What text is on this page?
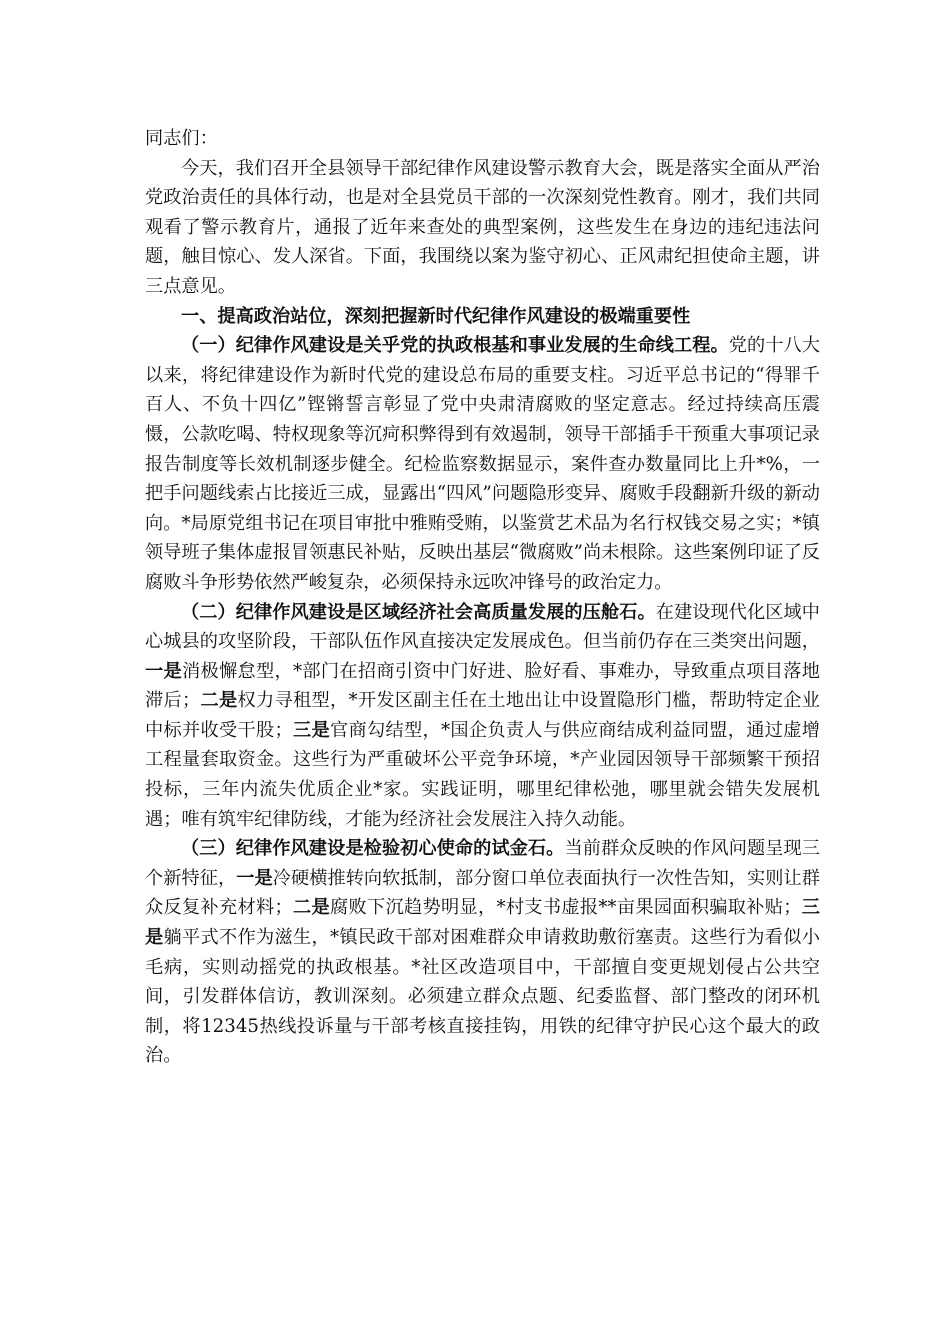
同志们：

今天，我们召开全县领导干部纪律作风建设警示教育大会，既是落实全面从严治党政治责任的具体行动，也是对全县党员干部的一次深刻党性教育。刚才，我们共同观看了警示教育片，通报了近年来查处的典型案例，这些发生在身边的违纪违法问题，触目惊心、发人深省。下面，我围绕以案为鉴守初心、正风肃纪担使命主题，讲三点意见。

一、提高政治站位，深刻把握新时代纪律作风建设的极端重要性

（一）纪律作风建设是关乎党的执政根基和事业发展的生命线工程。党的十八大以来，将纪律建设作为新时代党的建设总布局的重要支柱。习近平总书记的“得罪千百人、不负十四亿”铿锵誓言彰显了党中央肃清腐败的坚定意志。经过持续高压震慑，公款吃喝、特权现象等沉疴积弊得到有效遏制，领导干部插手干预重大事项记录报告制度等长效机制逐步健全。纪检监察数据显示，案件查办数量同比上升*%，一把手问题线索占比接近三成，显露出“四风”问题隐形变异、腐败手段翻新升级的新动向。*局原党组书记在项目审批中雅贿受贿，以鉴赏艺术品为名行权钱交易之实；*镇领导班子集体虚报冒领惠民补贴，反映出基层“微腐败”尚未根除。这些案例印证了反腐败斗争形势依然严峻复杂，必须保持永远吹冲锋号的政治定力。

（二）纪律作风建设是区域经济社会高质量发展的压舱石。在建设现代化区域中心城县的攻坚阶段，干部队伍作风直接决定发展成色。但当前仍存在三类突出问题，一是消极懈怠型，*部门在招商引资中门好进、脸好看、事难办，导致重点项目落地滞后；二是权力寻租型，*开发区副主任在土地出让中设置隐形门槛，帮助特定企业中标并收受干股；三是官商勾结型，*国企负责人与供应商结成利益同盟，通过虚增工程量套取资金。这些行为严重破坏公平竞争环境，*产业园因领导干部频繁干预招投标，三年内流失优质企业*家。实践证明，哪里纪律松弛，哪里就会错失发展机遇；唯有筑牢纪律防线，才能为经济社会发展注入持久动能。

（三）纪律作风建设是检验初心使命的试金石。当前群众反映的作风问题呈现三个新特征，一是冷硬横推转向软抵制，部分窗口单位表面执行一次性告知，实则让群众反复补充材料；二是腐败下沉趋势明显，*村支书虚报**亩果园面积骗取补贴；三是躺平式不作为滋生，*镇民政干部对困难群众申请救助敷衍塞责。这些行为看似小毛病，实则动摇党的执政根基。*社区改造项目中，干部擅自变更规划侵占公共空间，引发群体信访，教训深刻。必须建立群众点题、纪委监督、部门整改的闭环机制，将12345热线投诉量与干部考核直接挂钩，用铁的纪律守护民心这个最大的政治。
